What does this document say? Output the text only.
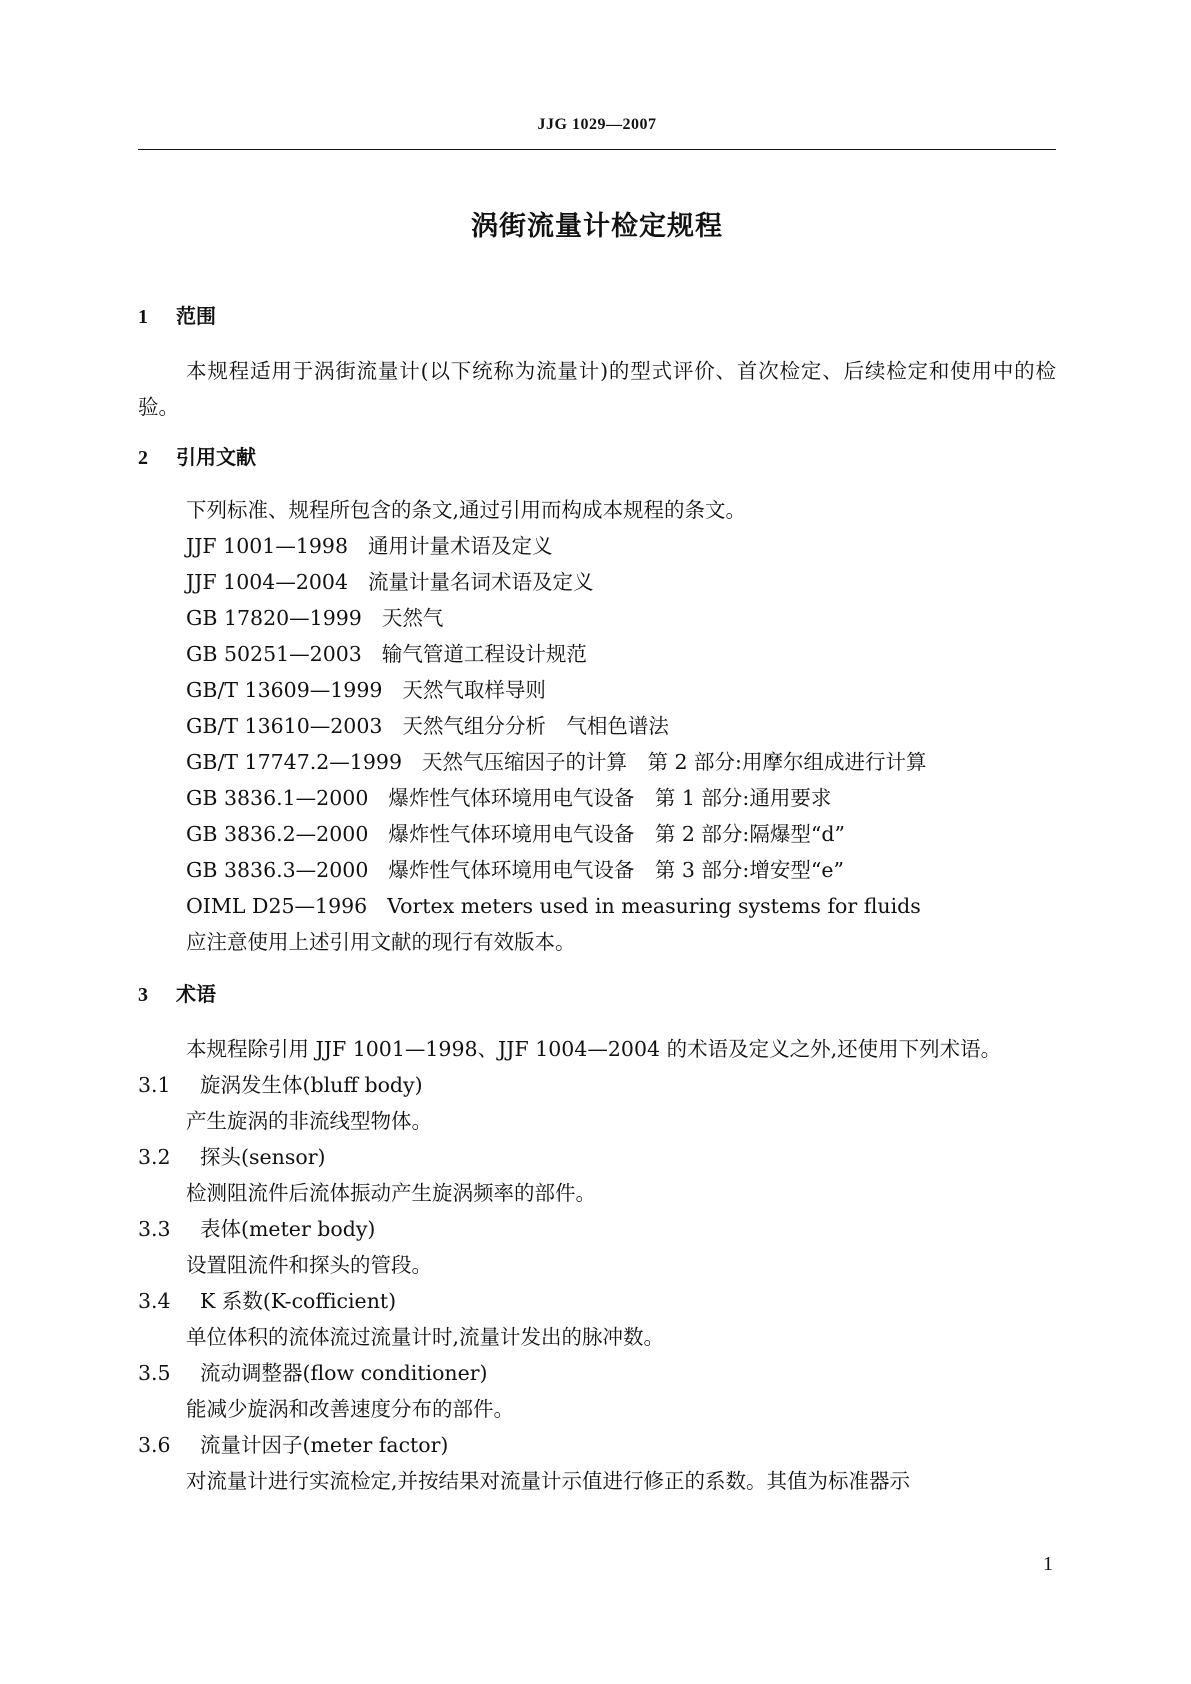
JJG 1029—2007
涡街流量计检定规程
1 范围

本规程适用于涡街流量计(以下统称为流量计)的型式评价、首次检定、后续检定和使用中的检验。

2 引用文献
下列标准、规程所包含的条文,通过引用而构成本规程的条文。
JJF 1001—1998 通用计量术语及定义
JJF 1004—2004 流量计量名词术语及定义
GB 17820—1999 天然气
GB 50251—2003 输气管道工程设计规范
GB/T 13609—1999 天然气取样导则
GB/T 13610—2003 天然气组分分析　气相色谱法
GB/T 17747.2—1999 天然气压缩因子的计算　第 2 部分:用摩尔组成进行计算
GB 3836.1—2000 爆炸性气体环境用电气设备　第 1 部分:通用要求
GB 3836.2—2000 爆炸性气体环境用电气设备　第 2 部分:隔爆型“d”
GB 3836.3—2000 爆炸性气体环境用电气设备　第 3 部分:增安型“e”
OIML D25—1996 Vortex meters used in measuring systems for fluids
应注意使用上述引用文献的现行有效版本。
3 术语

本规程除引用 JJF 1001—1998、JJF 1004—2004 的术语及定义之外,还使用下列术语。

3.1 旋涡发生体(bluff body)
产生旋涡的非流线型物体。
3.2 探头(sensor)
检测阻流件后流体振动产生旋涡频率的部件。
3.3 表体(meter body)
设置阻流件和探头的管段。
3.4 K 系数(K-cofficient)
单位体积的流体流过流量计时,流量计发出的脉冲数。
3.5 流动调整器(flow conditioner)
能减少旋涡和改善速度分布的部件。
3.6 流量计因子(meter factor)
对流量计进行实流检定,并按结果对流量计示值进行修正的系数。其值为标准器示
1
